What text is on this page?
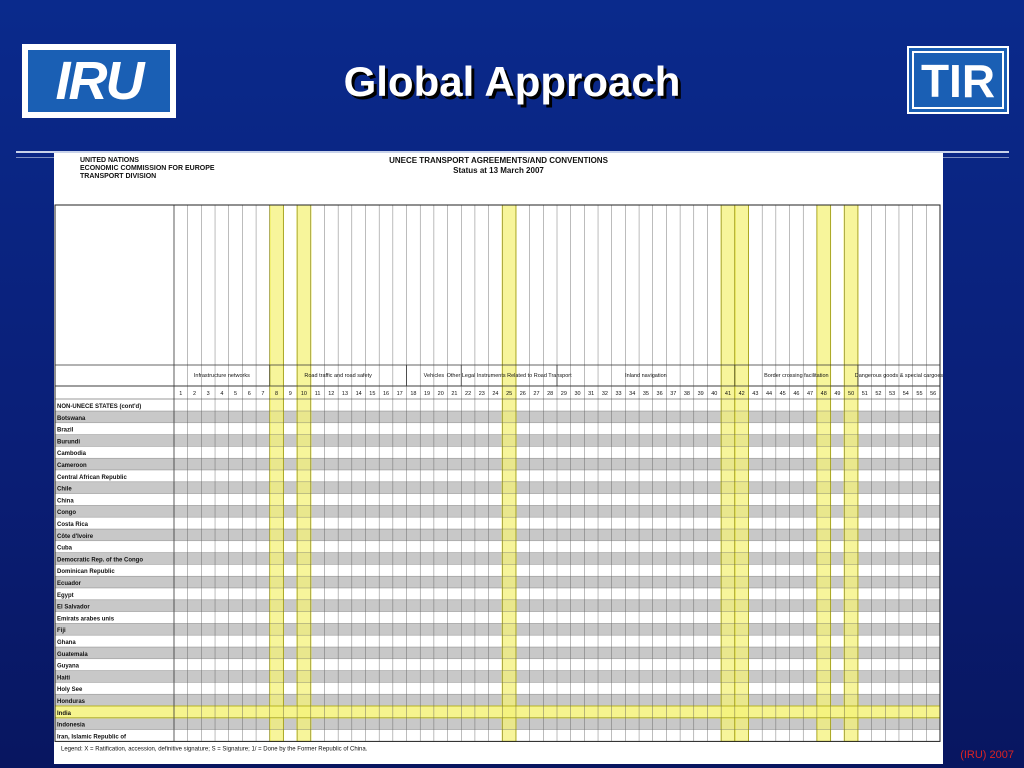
IRU	Global Approach	TIR
UNITED NATIONS
ECONOMIC COMMISSION FOR EUROPE
TRANSPORT DIVISION
UNECE TRANSPORT AGREEMENTS/AND CONVENTIONS
Status at 13 March 2007
Infrastructure networks	Road traffic and road safety	Vehicles Other Legal Instruments Related to Road Transport	Inland navigation	Border crossing facilitation	Dangerous goods & special cargoes
1 2 3 4 5 6 7 8 9 10 11 12 13 14 15 16 17 18 19 20 21 22 23 24 25 26 27 28 29 30 31 32 33 34 35 36 37 38 39 40 41 42 43 44 45 46 47 48 49 50 51 52 53 54 55 56
NON-UNECE STATES (cont'd)
Botswana
Brazil
Burundi
Cambodia
Cameroon
Central African Republic
Chile
China
Congo
Costa Rica
Côte d'Ivoire
Cuba
Democratic Rep. of the Congo
Dominican Republic
Ecuador
Egypt
El Salvador
Emirats arabes unis
Fiji
Ghana
Guatemala
Guyana
Haiti
Holy See
Honduras
India
Indonesia
Iran, Islamic Republic of
Legend: X = Ratification, accession, definitive signature; S = Signature; 1/ = Done by the Former Republic of China.	(IRU) 2007
